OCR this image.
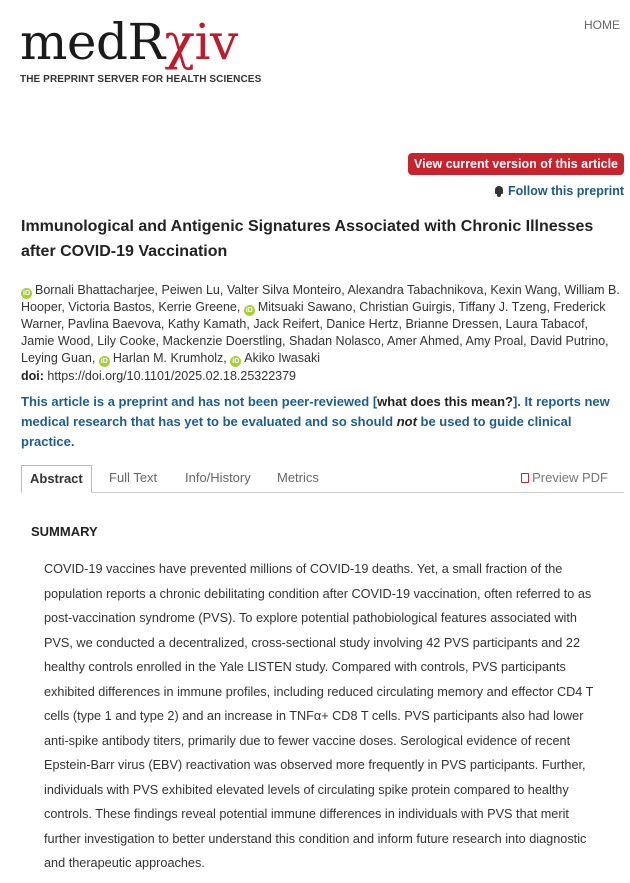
medRχiv
THE PREPRINT SERVER FOR HEALTH SCIENCES
HOME
View current version of this article
Follow this preprint
Immunological and Antigenic Signatures Associated with Chronic Illnesses after COVID-19 Vaccination
iD Bornali Bhattacharjee, Peiwen Lu, Valter Silva Monteiro, Alexandra Tabachnikova, Kexin Wang, William B. Hooper, Victoria Bastos, Kerrie Greene, iD Mitsuaki Sawano, Christian Guirgis, Tiffany J. Tzeng, Frederick Warner, Pavlina Baevova, Kathy Kamath, Jack Reifert, Danice Hertz, Brianne Dressen, Laura Tabacof, Jamie Wood, Lily Cooke, Mackenzie Doerstling, Shadan Nolasco, Amer Ahmed, Amy Proal, David Putrino, Leying Guan, iD Harlan M. Krumholz, iD Akiko Iwasaki
doi: https://doi.org/10.1101/2025.02.18.25322379

This article is a preprint and has not been peer-reviewed [what does this mean?]. It reports new medical research that has yet to be evaluated and so should not be used to guide clinical practice.

Abstract	Full Text Info/History Metrics	Preview PDF
SUMMARY

COVID-19 vaccines have prevented millions of COVID-19 deaths. Yet, a small fraction of the population reports a chronic debilitating condition after COVID-19 vaccination, often referred to as post-vaccination syndrome (PVS). To explore potential pathobiological features associated with PVS, we conducted a decentralized, cross-sectional study involving 42 PVS participants and 22 healthy controls enrolled in the Yale LISTEN study. Compared with controls, PVS participants exhibited differences in immune profiles, including reduced circulating memory and effector CD4 T cells (type 1 and type 2) and an increase in TNFα+ CD8 T cells. PVS participants also had lower anti-spike antibody titers, primarily due to fewer vaccine doses. Serological evidence of recent Epstein-Barr virus (EBV) reactivation was observed more frequently in PVS participants. Further, individuals with PVS exhibited elevated levels of circulating spike protein compared to healthy controls. These findings reveal potential immune differences in individuals with PVS that merit further investigation to better understand this condition and inform future research into diagnostic and therapeutic approaches.
